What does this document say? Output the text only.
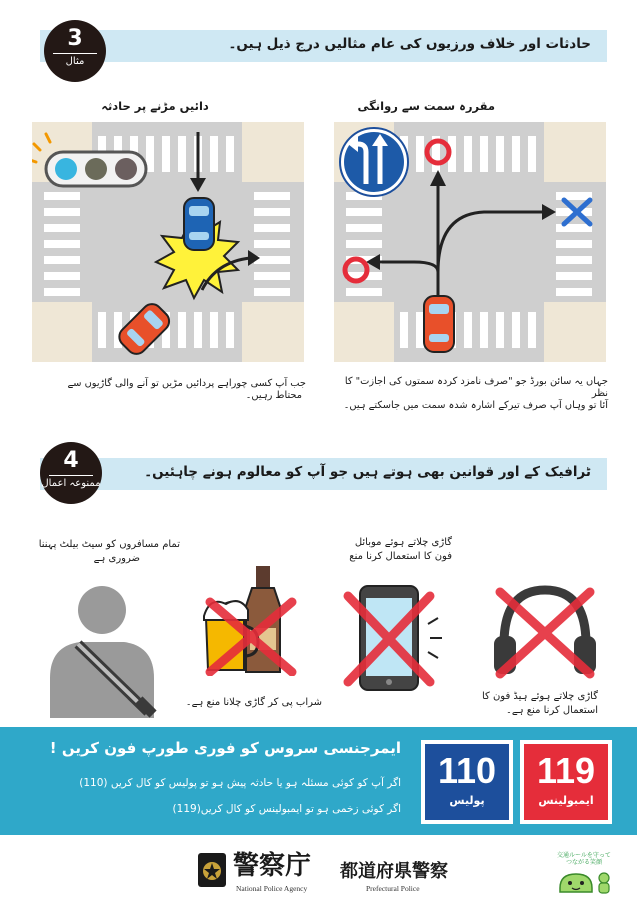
حادثات اور خلاف ورزیوں کی عام مثالیں درج ذیل ہیں۔
3
مثال
دائیں مڑنے پر حادثہ	مقررہ سمت سے روانگی
جب آپ کسی چوراہے پردائیں مڑیں تو آنے والی گاڑیوں سے
محتاط رہیں۔
جہاں یہ سائن بورڈ جو "صرف نامزد کردہ سمتوں کی اجازت" کا نظر
آئا تو وہاں آپ صرف تیرکے اشارہ شدہ سمت میں جاسکتے ہیں۔
ٹرافیک کے اور قوانین بھی ہوتے ہیں جو آپ کو معالوم ہونے چاہئیں۔
4
ممنوعہ اعمال
تمام مسافروں کو سیٹ بیلٹ پہننا
ضروری ہے
گاڑی چلاتے ہوئے موبائل
فون کا استعمال کرنا منع
شراب پی کر گاڑی چلانا منع ہے۔
گاڑی چلاتے ہوئے ہیڈ فون کا
استعمال کرنا منع ہے۔
ایمرجنسی سروس کو فوری طورپ فون کریں !
اگر آپ کو کوئی مسئلہ ہو یا حادثہ پیش ہو تو پولیس کو کال کریں (110)
اگر کوئی زخمی ہو تو ایمبولینس کو کال کریں(119)
110
پولیس
119
ایمبولینس
警察庁
National Police Agency
都道府県警察
Prefectural Police
交通ルールを守って
つながる笑顔
